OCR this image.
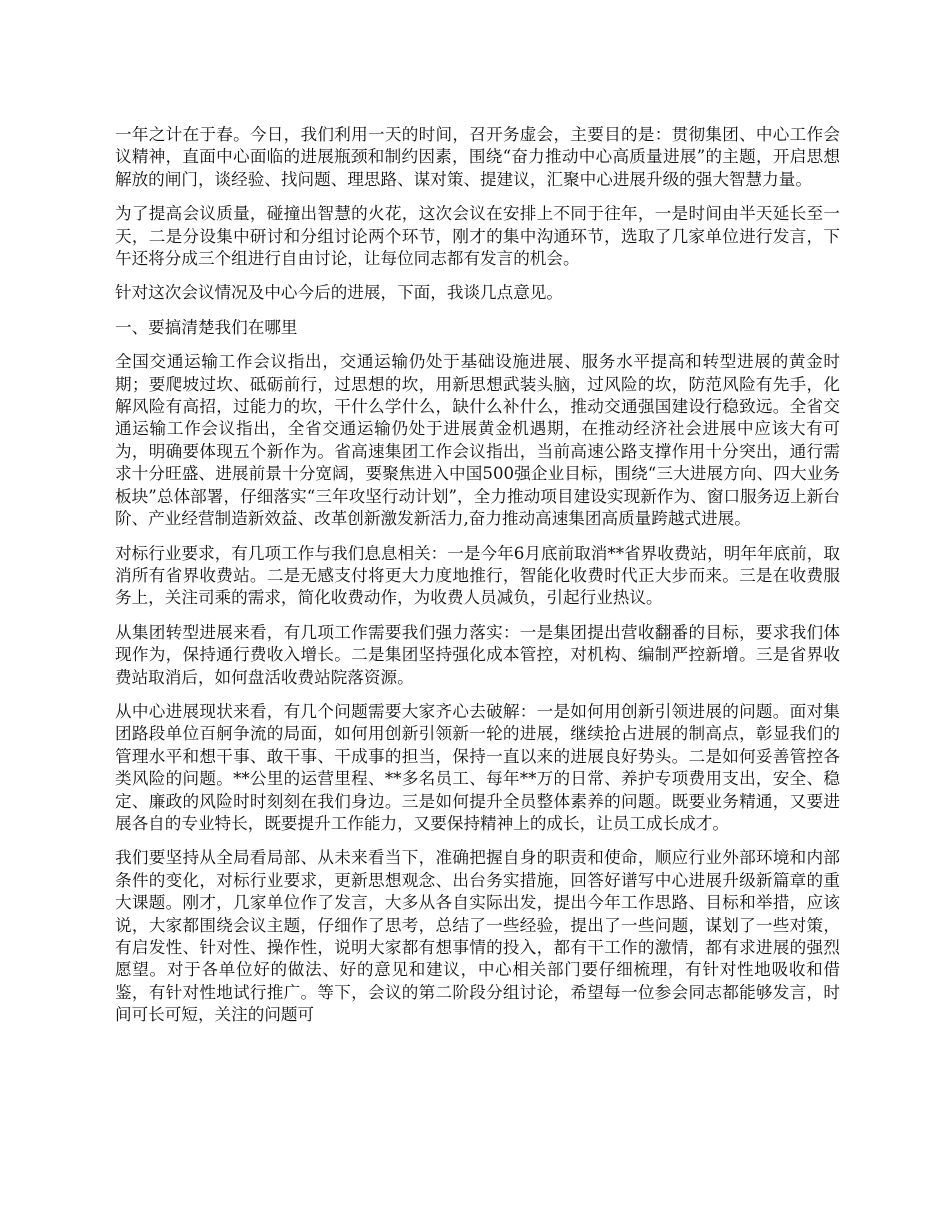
一年之计在于春。今日，我们利用一天的时间，召开务虚会，主要目的是：贯彻集团、中心工作会议精神，直面中心面临的进展瓶颈和制约因素，围绕“奋力推动中心高质量进展”的主题，开启思想解放的闸门，谈经验、找问题、理思路、谋对策、提建议，汇聚中心进展升级的强大智慧力量。

为了提高会议质量，碰撞出智慧的火花，这次会议在安排上不同于往年，一是时间由半天延长至一天，二是分设集中研讨和分组讨论两个环节，刚才的集中沟通环节，选取了几家单位进行发言，下午还将分成三个组进行自由讨论，让每位同志都有发言的机会。

针对这次会议情况及中心今后的进展，下面，我谈几点意见。

一、要搞清楚我们在哪里

全国交通运输工作会议指出，交通运输仍处于基础设施进展、服务水平提高和转型进展的黄金时期；要爬坡过坎、砥砺前行，过思想的坎，用新思想武装头脑，过风险的坎，防范风险有先手，化解风险有高招，过能力的坎，干什么学什么，缺什么补什么，推动交通强国建设行稳致远。全省交通运输工作会议指出，全省交通运输仍处于进展黄金机遇期，在推动经济社会进展中应该大有可为，明确要体现五个新作为。省高速集团工作会议指出，当前高速公路支撑作用十分突出，通行需求十分旺盛、进展前景十分宽阔，要聚焦进入中国500强企业目标，围绕“三大进展方向、四大业务板块”总体部署，仔细落实“三年攻坚行动计划”，全力推动项目建设实现新作为、窗口服务迈上新台阶、产业经营制造新效益、改革创新激发新活力,奋力推动高速集团高质量跨越式进展。

对标行业要求，有几项工作与我们息息相关：一是今年6月底前取消**省界收费站，明年年底前，取消所有省界收费站。二是无感支付将更大力度地推行，智能化收费时代正大步而来。三是在收费服务上，关注司乘的需求，简化收费动作，为收费人员减负，引起行业热议。

从集团转型进展来看，有几项工作需要我们强力落实：一是集团提出营收翻番的目标，要求我们体现作为，保持通行费收入增长。二是集团坚持强化成本管控，对机构、编制严控新增。三是省界收费站取消后，如何盘活收费站院落资源。

从中心进展现状来看，有几个问题需要大家齐心去破解：一是如何用创新引领进展的问题。面对集团路段单位百舸争流的局面，如何用创新引领新一轮的进展，继续抢占进展的制高点，彰显我们的管理水平和想干事、敢干事、干成事的担当，保持一直以来的进展良好势头。二是如何妥善管控各类风险的问题。**公里的运营里程、**多名员工、每年**万的日常、养护专项费用支出，安全、稳定、廉政的风险时时刻刻在我们身边。三是如何提升全员整体素养的问题。既要业务精通，又要进展各自的专业特长，既要提升工作能力，又要保持精神上的成长，让员工成长成才。

我们要坚持从全局看局部、从未来看当下，准确把握自身的职责和使命，顺应行业外部环境和内部条件的变化，对标行业要求，更新思想观念、出台务实措施，回答好谱写中心进展升级新篇章的重大课题。刚才，几家单位作了发言，大多从各自实际出发，提出今年工作思路、目标和举措，应该说，大家都围绕会议主题，仔细作了思考，总结了一些经验，提出了一些问题，谋划了一些对策，有启发性、针对性、操作性，说明大家都有想事情的投入，都有干工作的激情，都有求进展的强烈愿望。对于各单位好的做法、好的意见和建议，中心相关部门要仔细梳理，有针对性地吸收和借鉴，有针对性地试行推广。等下，会议的第二阶段分组讨论，希望每一位参会同志都能够发言，时间可长可短，关注的问题可
